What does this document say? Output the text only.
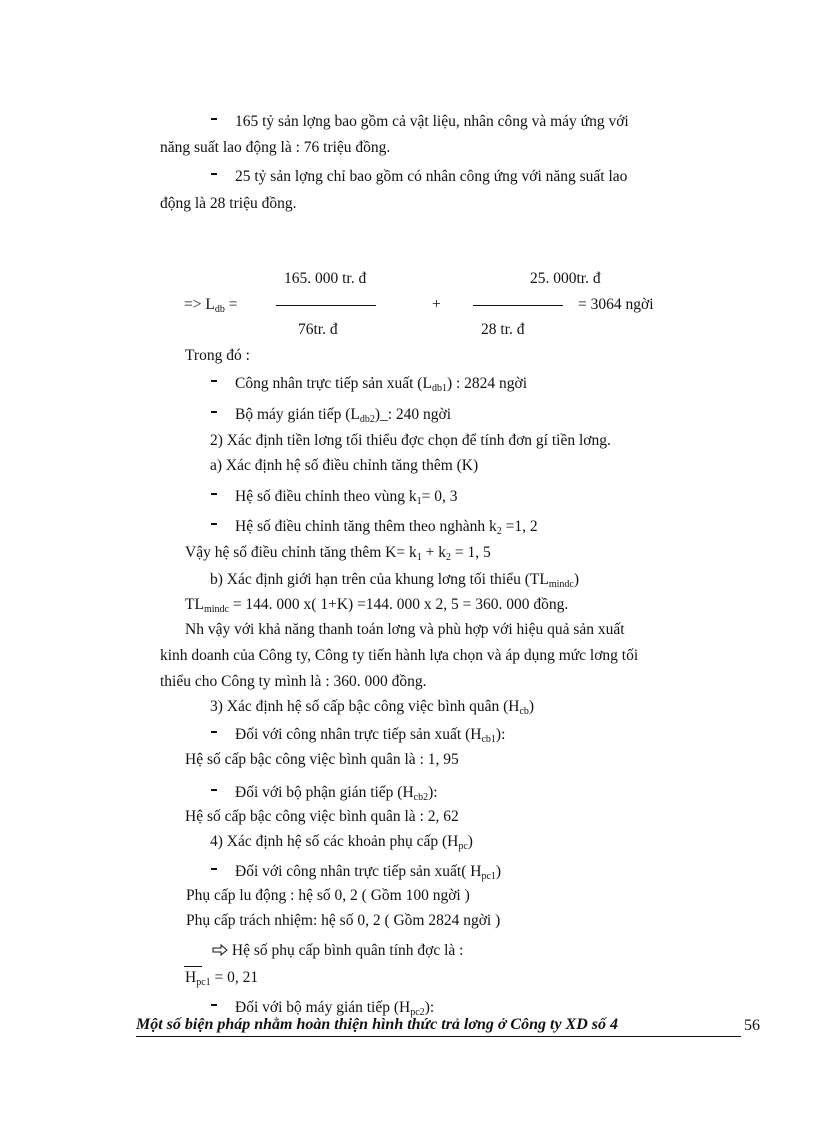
165 tỷ sản lợng bao gồm cả vật liệu, nhân công và máy ứng với
năng suất lao động là : 76 triệu đồng.
25 tỷ sản lợng chỉ bao gồm có nhân công ứng với năng suất lao
động là 28 triệu đồng.
=> $L_{db}$ =
165. 000 tr. đ
76tr. đ
+
25. 000tr. đ
28 tr. đ
= 3064 ngời
Trong đó :
Công nhân trực tiếp sản xuất $(L_{db1})$ : 2824 ngời
Bộ máy gián tiếp $(L_{db2})\_$: 240 ngời
2) Xác định tiền lơng tối thiểu đợc chọn để tính đơn gí tiền lơng.
a) Xác định hệ số điều chỉnh tăng thêm (K)
Hệ số điều chỉnh theo vùng $k_1= 0$, 3
Hệ số điều chỉnh tăng thêm theo nghành $k_2 =1$, 2
Vậy hệ số điều chỉnh tăng thêm $K= k_1 + k_2 = 1$, 5
b) Xác định giới hạn trên của khung lơng tối thiểu $(TL_{mindc})$
$TL_{mindc} = 144$. 000 x( 1+K) =144. 000 x 2, 5 = 360. 000 đồng.
Nh vậy với khả năng thanh toán lơng và phù hợp với hiệu quả sản xuất
kinh doanh của Công ty, Công ty tiến hành lựa chọn và áp dụng mức lơng tối
thiểu cho Công ty mình là : 360. 000 đồng.
3) Xác định hệ số cấp bậc công việc bình quân $(H_{cb})$
Đối với công nhân trực tiếp sản xuất $(H_{cb1})$:
Hệ số cấp bậc công việc bình quân là : 1, 95
Đối với bộ phận gián tiếp $(H_{cb2})$:
Hệ số cấp bậc công việc bình quân là : 2, 62
4) Xác định hệ số các khoản phụ cấp $(H_{pc})$
Đối với công nhân trực tiếp sản xuất( $H_{pc1}$)
Phụ cấp lu động : hệ số 0, 2 ( Gồm 100 ngời )
Phụ cấp trách nhiệm: hệ số 0, 2 ( Gồm 2824 ngời )
Hệ số phụ cấp bình quân tính đợc là :
$H_{pc1} = 0$, 21
Đối với bộ máy gián tiếp $(H_{pc2})$:
Một số biện pháp nhằm hoàn thiện hình thức trả lơng ở Công ty XD số 4	56
